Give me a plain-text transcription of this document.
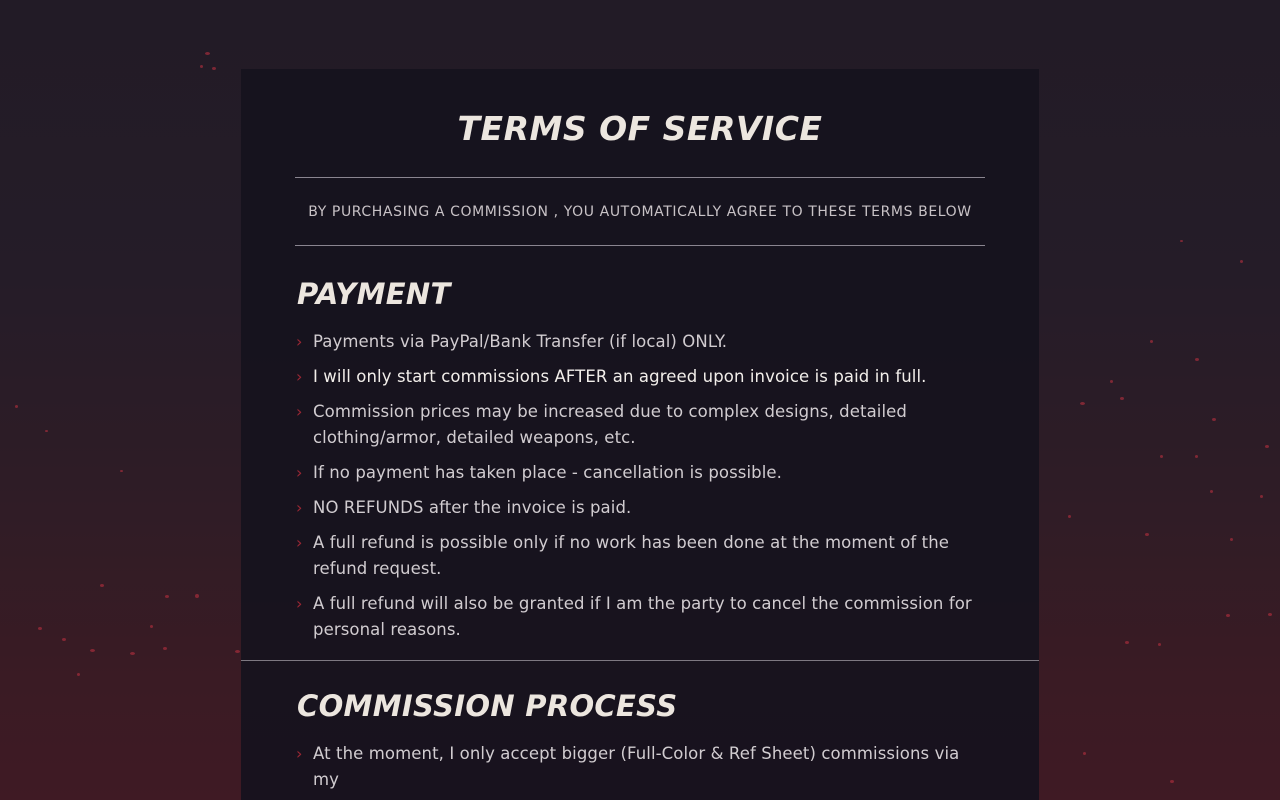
TERMS OF SERVICE
BY PURCHASING A COMMISSION , YOU AUTOMATICALLY AGREE TO THESE TERMS BELOW
PAYMENT
› Payments via PayPal/Bank Transfer (if local) ONLY.
› I will only start commissions AFTER an agreed upon invoice is paid in full.
› Commission prices may be increased due to complex designs, detailed clothing/armor, detailed weapons, etc.
› If no payment has taken place - cancellation is possible.
› NO REFUNDS after the invoice is paid.
› A full refund is possible only if no work has been done at the moment of the refund request.
› A full refund will also be granted if I am the party to cancel the commission for personal reasons.
COMMISSION PROCESS
› At the moment, I only accept bigger (Full-Color & Ref Sheet) commissions via my
